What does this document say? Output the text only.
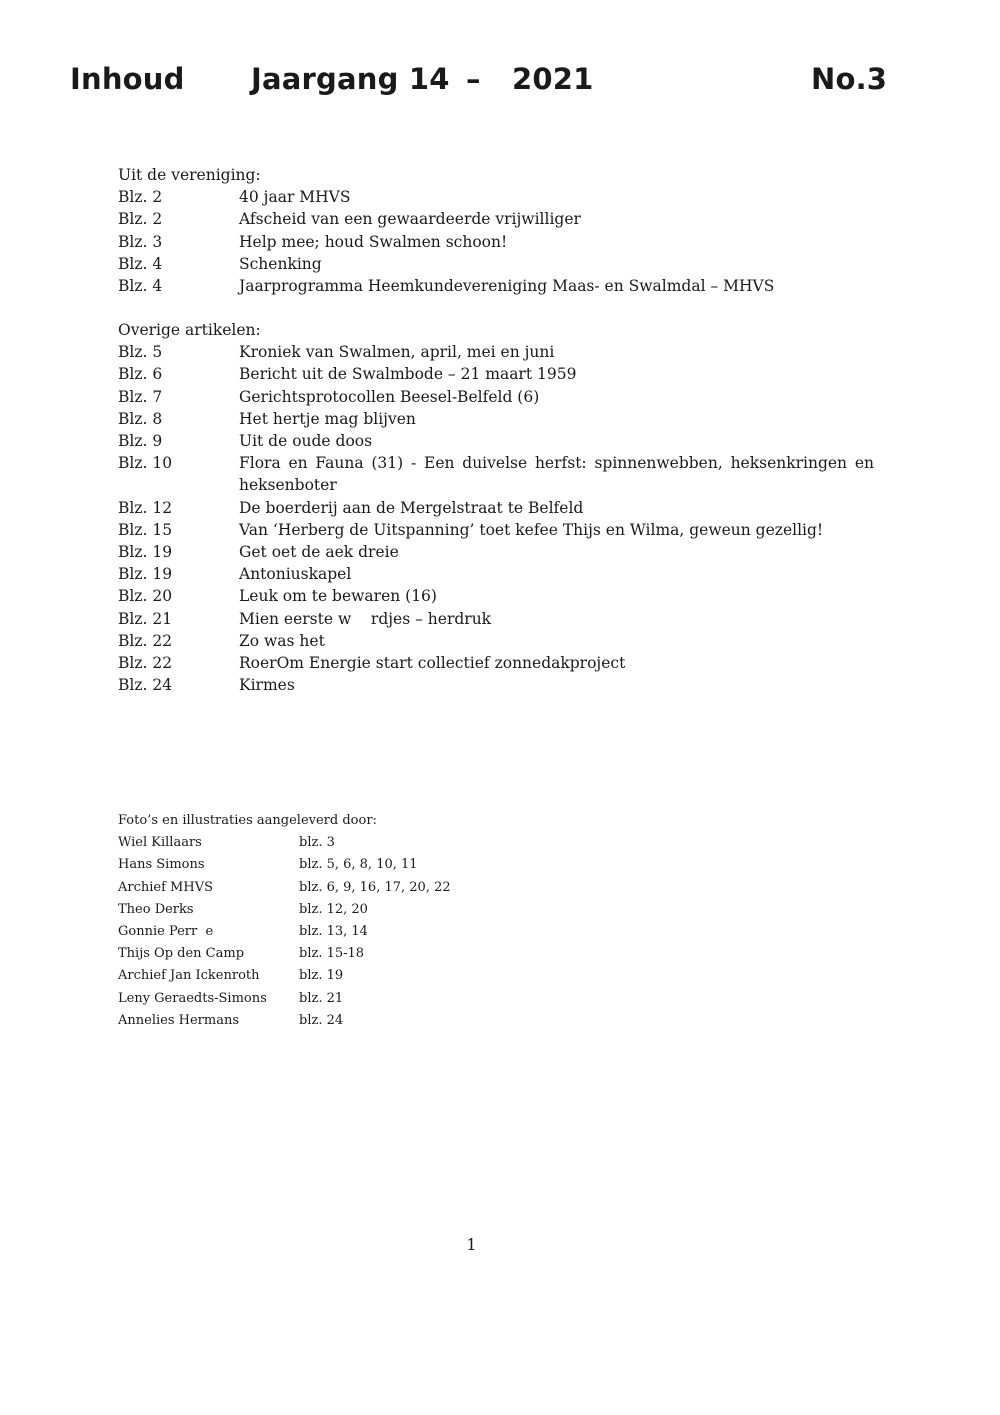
Inhoud Jaargang 14 – 2021	No.3
Uit de vereniging:
Blz. 2	40 jaar MHVS
Blz. 2	Afscheid van een gewaardeerde vrijwilliger
Blz. 3	Help mee; houd Swalmen schoon!
Blz. 4	Schenking
Blz. 4	Jaarprogramma Heemkundevereniging Maas- en Swalmdal – MHVS
Overige artikelen:
Blz. 5	Kroniek van Swalmen, april, mei en juni
Blz. 6	Bericht uit de Swalmbode – 21 maart 1959
Blz. 7	Gerichtsprotocollen Beesel-Belfeld (6)
Blz. 8	Het hertje mag blijven
Blz. 9	Uit de oude doos
Blz. 10	Flora en Fauna (31) - Een duivelse herfst: spinnenwebben, heksenkringen en heksenboter
Blz. 12	De boerderij aan de Mergelstraat te Belfeld
Blz. 15	Van ‘Herberg de Uitspanning’ toet kefee Thijs en Wilma, geweun gezellig!
Blz. 19	Get oet de aek dreie
Blz. 19	Antoniuskapel
Blz. 20	Leuk om te bewaren (16)
Blz. 21	Mien eerste w    rdjes – herdruk
Blz. 22	Zo was het
Blz. 22	RoerOm Energie start collectief zonnedakproject
Blz. 24	Kirmes
Foto’s en illustraties aangeleverd door:
Wiel Killaars	blz. 3
Hans Simons	blz. 5, 6, 8, 10, 11
Archief MHVS	blz. 6, 9, 16, 17, 20, 22
Theo Derks	blz. 12, 20
Gonnie Perr  e	blz. 13, 14
Thijs Op den Camp	blz. 15-18
Archief Jan Ickenroth	blz. 19
Leny Geraedts-Simons	blz. 21
Annelies Hermans	blz. 24
1
